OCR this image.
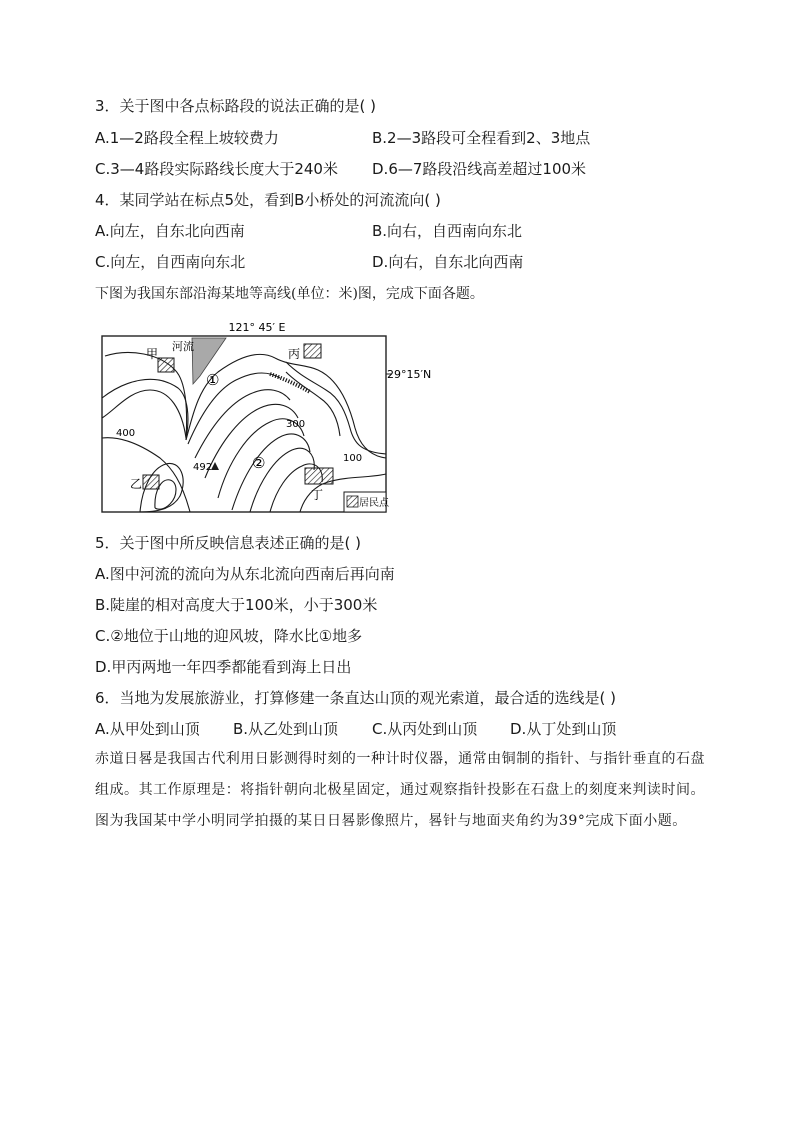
3．关于图中各点标路段的说法正确的是( )
A.1—2路段全程上坡较费力	B.2—3路段可全程看到2、3地点
C.3—4路段实际路线长度大于240米 D.6—7路段沿线高差超过100米
4．某同学站在标点5处，看到B小桥处的河流流向( )
A.向左，自东北向西南	B.向右，自西南向东北
C.向左，自西南向东北	D.向右，自东北向西南
下图为我国东部沿海某地等高线(单位：米)图，完成下面各题。
121° 45′ E
29°15′N
河流
400
300
100
①
②
492
甲	丙
乙
丁
居民点
5．关于图中所反映信息表述正确的是( )
A.图中河流的流向为从东北流向西南后再向南
B.陡崖的相对高度大于100米，小于300米
C.②地位于山地的迎风坡，降水比①地多
D.甲丙两地一年四季都能看到海上日出
6．当地为发展旅游业，打算修建一条直达山顶的观光索道，最合适的选线是( )
A.从甲处到山顶 B.从乙处到山顶 C.从丙处到山顶 D.从丁处到山顶
赤道日晷是我国古代利用日影测得时刻的一种计时仪器，通常由铜制的指针、与指针垂直的石盘组成。其工作原理是：将指针朝向北极星固定，通过观察指针投影在石盘上的刻度来判读时间。图为我国某中学小明同学拍摄的某日日晷影像照片，晷针与地面夹角约为39°完成下面小题。
